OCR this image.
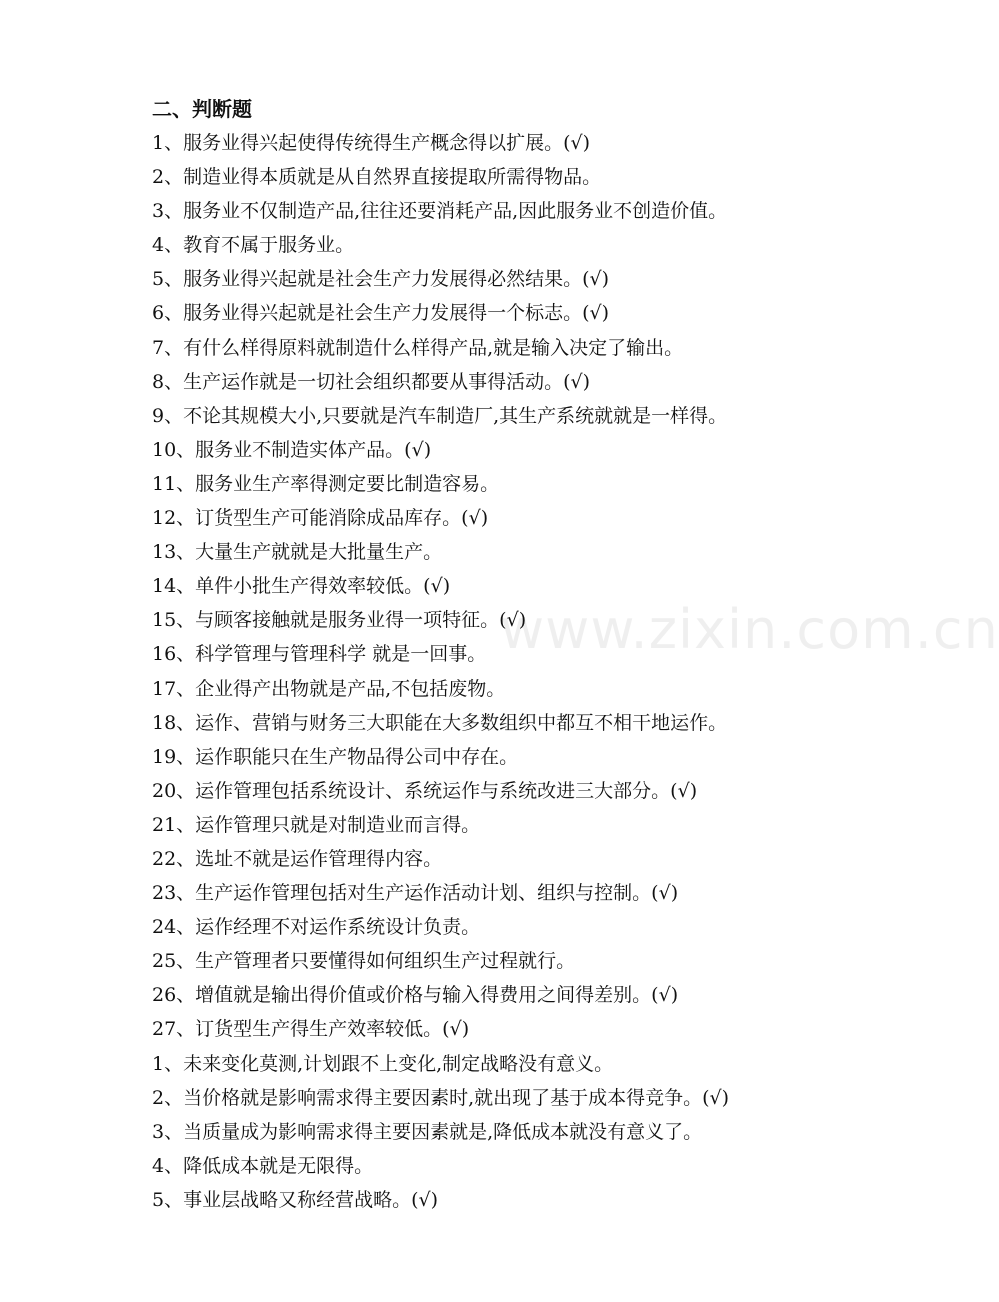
www.zixin.com.cn
二、判断题
1、服务业得兴起使得传统得生产概念得以扩展。(√)
2、制造业得本质就是从自然界直接提取所需得物品。
3、服务业不仅制造产品,往往还要消耗产品,因此服务业不创造价值。
4、教育不属于服务业。
5、服务业得兴起就是社会生产力发展得必然结果。(√)
6、服务业得兴起就是社会生产力发展得一个标志。(√)
7、有什么样得原料就制造什么样得产品,就是输入决定了输出。
8、生产运作就是一切社会组织都要从事得活动。(√)
9、不论其规模大小,只要就是汽车制造厂,其生产系统就就是一样得。
10、服务业不制造实体产品。(√)
11、服务业生产率得测定要比制造容易。
12、订货型生产可能消除成品库存。(√)
13、大量生产就就是大批量生产。
14、单件小批生产得效率较低。(√)
15、与顾客接触就是服务业得一项特征。(√)
16、科学管理与管理科学 就是一回事。
17、企业得产出物就是产品,不包括废物。
18、运作、营销与财务三大职能在大多数组织中都互不相干地运作。
19、运作职能只在生产物品得公司中存在。
20、运作管理包括系统设计、系统运作与系统改进三大部分。(√)
21、运作管理只就是对制造业而言得。
22、选址不就是运作管理得内容。
23、生产运作管理包括对生产运作活动计划、组织与控制。(√)
24、运作经理不对运作系统设计负责。
25、生产管理者只要懂得如何组织生产过程就行。
26、增值就是输出得价值或价格与输入得费用之间得差别。(√)
27、订货型生产得生产效率较低。(√)
1、未来变化莫测,计划跟不上变化,制定战略没有意义。
2、当价格就是影响需求得主要因素时,就出现了基于成本得竞争。(√)
3、当质量成为影响需求得主要因素就是,降低成本就没有意义了。
4、降低成本就是无限得。
5、事业层战略又称经营战略。(√)
